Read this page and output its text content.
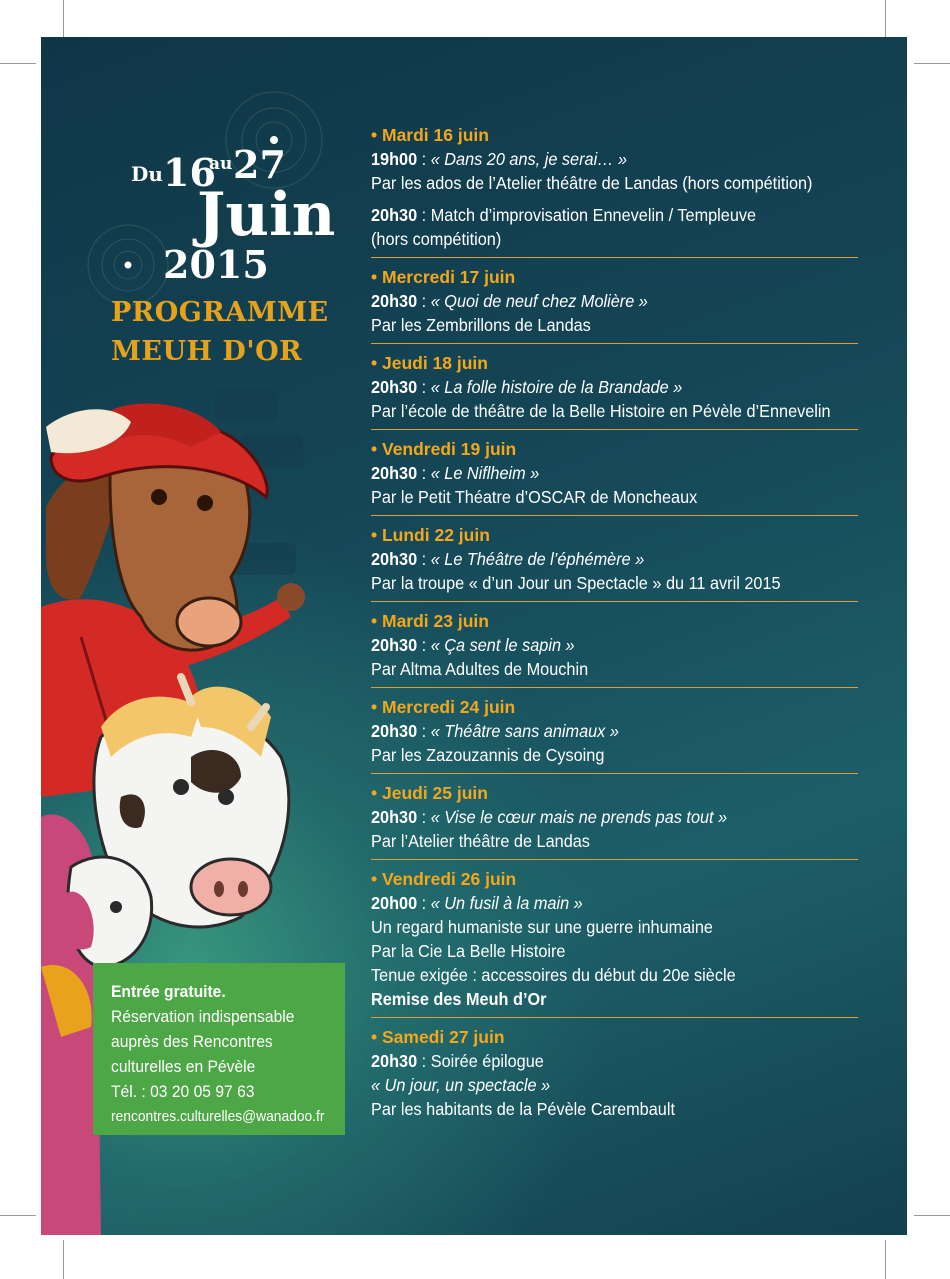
Du 16
au 27
Juin
2015
PROGRAMME
MEUH D'OR
• Mardi 16 juin
19h00 : « Dans 20 ans, je serai… »
Par les ados de l’Atelier théâtre de Landas (hors compétition)
20h30 : Match d’improvisation Ennevelin / Templeuve
(hors compétition)
• Mercredi 17 juin
20h30 : « Quoi de neuf chez Molière »
Par les Zembrillons de Landas
• Jeudi 18 juin
20h30 : « La folle histoire de la Brandade »
Par l’école de théâtre de la Belle Histoire en Pévèle d’Ennevelin
• Vendredi 19 juin
20h30 : « Le Niflheim »
Par le Petit Théatre d’OSCAR de Moncheaux
• Lundi 22 juin
20h30 : « Le Théâtre de l’éphémère »
Par la troupe « d’un Jour un Spectacle » du 11 avril 2015
• Mardi 23 juin
20h30 : « Ça sent le sapin »
Par Altma Adultes de Mouchin
• Mercredi 24 juin
20h30 : « Théâtre sans animaux »
Par les Zazouzannis de Cysoing
• Jeudi 25 juin
20h30 : « Vise le cœur mais ne prends pas tout »
Par l’Atelier théâtre de Landas
• Vendredi 26 juin
20h00 : « Un fusil à la main »
Un regard humaniste sur une guerre inhumaine
Par la Cie La Belle Histoire
Tenue exigée : accessoires du début du 20e siècle
Remise des Meuh d’Or
• Samedi 27 juin
20h30 : Soirée épilogue
« Un jour, un spectacle »
Par les habitants de la Pévèle Carembault
Entrée gratuite.
Réservation indispensable
auprès des Rencontres
culturelles en Pévèle
Tél. : 03 20 05 97 63
rencontres.culturelles@wanadoo.fr
